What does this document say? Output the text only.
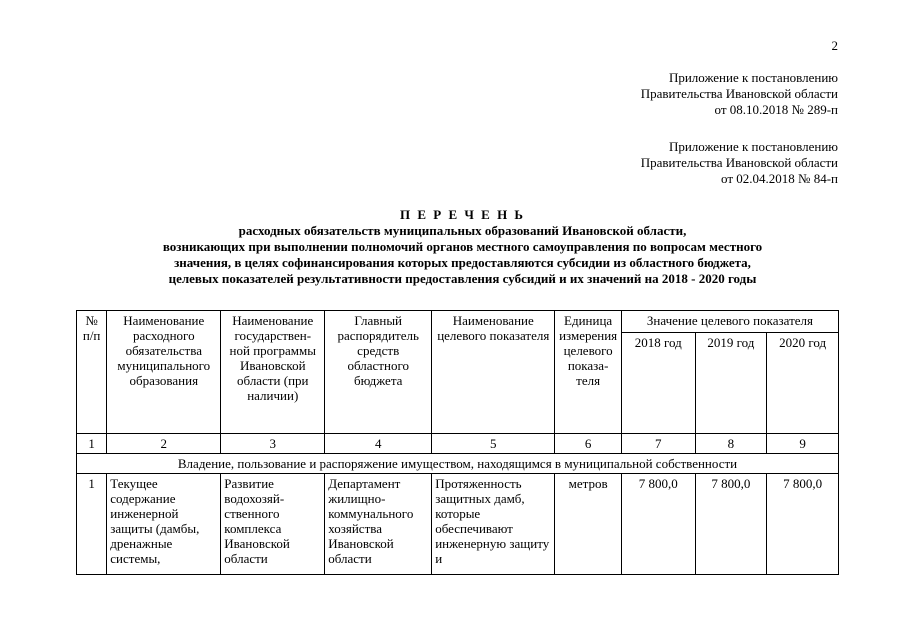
2
Приложение к постановлению
Правительства Ивановской области
от 08.10.2018 № 289-п
Приложение к постановлению
Правительства Ивановской области
от 02.04.2018 № 84-п
П Е Р Е Ч Е Н Ь
расходных обязательств муниципальных образований Ивановской области,
возникающих при выполнении полномочий органов местного самоуправления по вопросам местного
значения, в целях софинансирования которых предоставляются субсидии из областного бюджета,
целевых показателей результативности предоставления субсидий и их значений на 2018 - 2020 годы
№ п/п	Наименование расходного обязательства муниципального образования	Наименование государствен-ной программы Ивановской области (при наличии)	Главный распорядитель средств областного бюджета	Наименование целевого показателя	Единица измерения целевого показа-теля	Значение целевого показателя		
						2018 год	2019 год	2020 год
1	2	3	4	5	6	7	8	9
Владение, пользование и распоряжение имуществом, находящимся в муниципальной собственности								
1	Текущее содержание инженерной защиты (дамбы, дренажные системы,	Развитие водохозяй-ственного комплекса Ивановской области	Департамент жилищно-коммунального хозяйства Ивановской области	Протяженность защитных дамб, которые обеспечивают инженерную защиту и	метров	7 800,0	7 800,0	7 800,0
